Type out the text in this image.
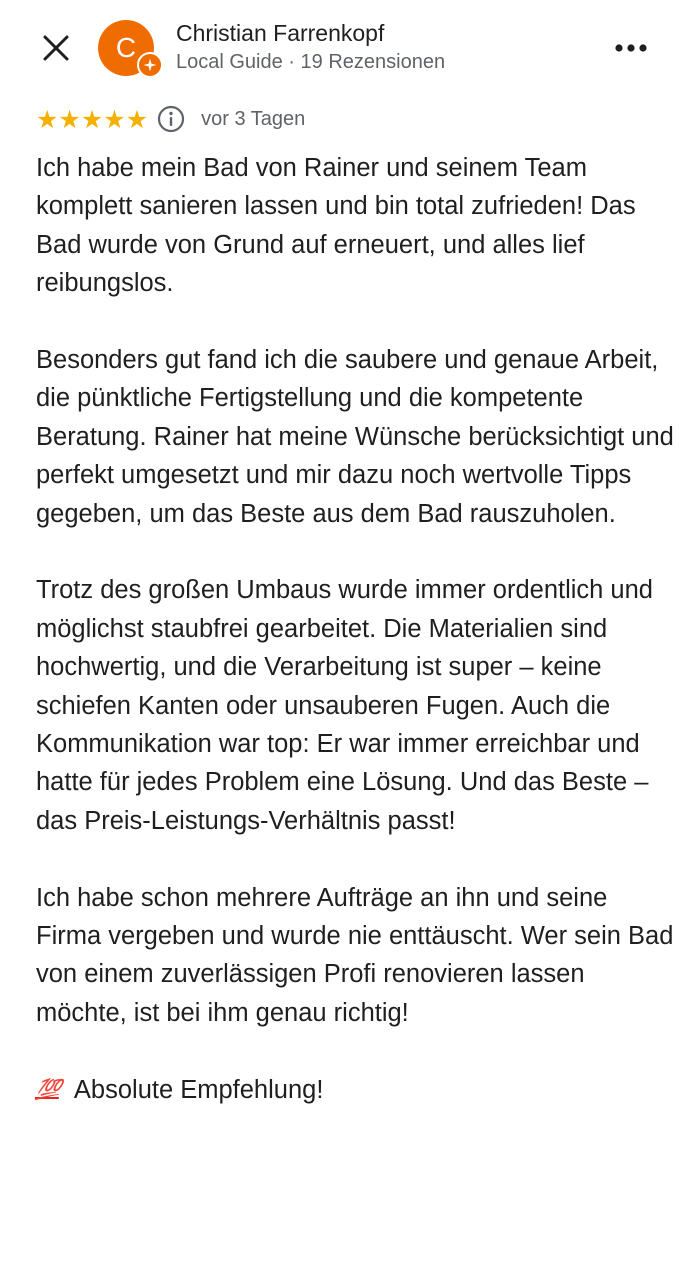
C Christian Farrenkopf
Local Guide · 19 Rezensionen
★ ★ ★ ★ ★	vor 3 Tagen

Ich habe mein Bad von Rainer und seinem Team komplett sanieren lassen und bin total zufrieden! Das Bad wurde von Grund auf erneuert, und alles lief reibungslos.

Besonders gut fand ich die saubere und genaue Arbeit, die pünktliche Fertigstellung und die kompetente Beratung. Rainer hat meine Wünsche berücksichtigt und perfekt umgesetzt und mir dazu noch wertvolle Tipps gegeben, um das Beste aus dem Bad rauszuholen.

Trotz des großen Umbaus wurde immer ordentlich und möglichst staubfrei gearbeitet. Die Materialien sind hochwertig, und die Verarbeitung ist super – keine schiefen Kanten oder unsauberen Fugen. Auch die Kommunikation war top: Er war immer erreichbar und hatte für jedes Problem eine Lösung. Und das Beste – das Preis-Leistungs-Verhältnis passt!

Ich habe schon mehrere Aufträge an ihn und seine Firma vergeben und wurde nie enttäuscht. Wer sein Bad von einem zuverlässigen Profi renovieren lassen möchte, ist bei ihm genau richtig!

💯 Absolute Empfehlung!
